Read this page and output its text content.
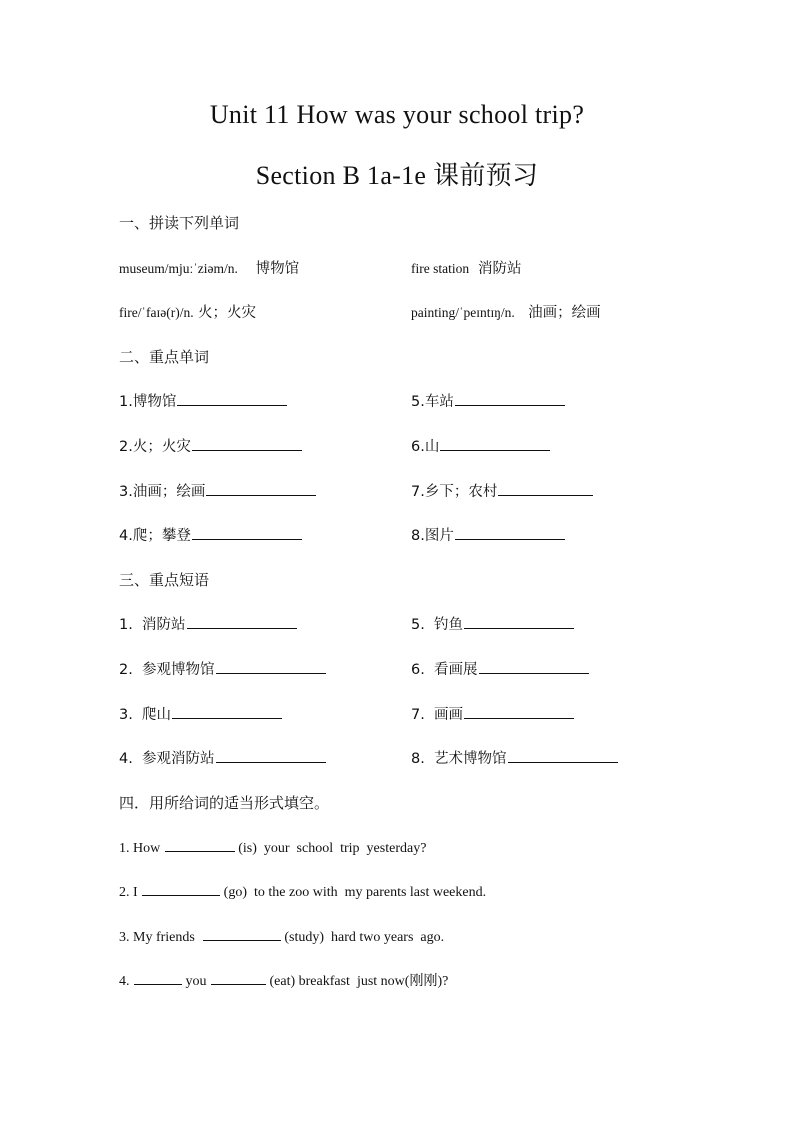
Unit 11 How was your school trip?
Section B 1a-1e 课前预习
一、拼读下列单词
museum/mjuːˈziəm/n. 博物馆	fire station 消防站
fire/ˈfaɪə(r)/n. 火；火灾	painting/ˈpeɪntɪŋ/n. 油画；绘画
二、重点单词
1.博物馆	5.车站
2.火；火灾	6.山
3.油画；绘画	7.乡下；农村
4.爬；攀登	8.图片
三、重点短语
1.  消防站	5.  钓鱼
2.  参观博物馆	6.  看画展
3.  爬山	7.  画画
4.  参观消防站	8.  艺术博物馆
四．用所给词的适当形式填空。
1. How	(is)  your  school  trip  yesterday?
2. I	(go)  to the zoo with  my parents last weekend.
3. My friends	(study)  hard two years  ago.
4.	you	(eat) breakfast  just now(刚刚)?
